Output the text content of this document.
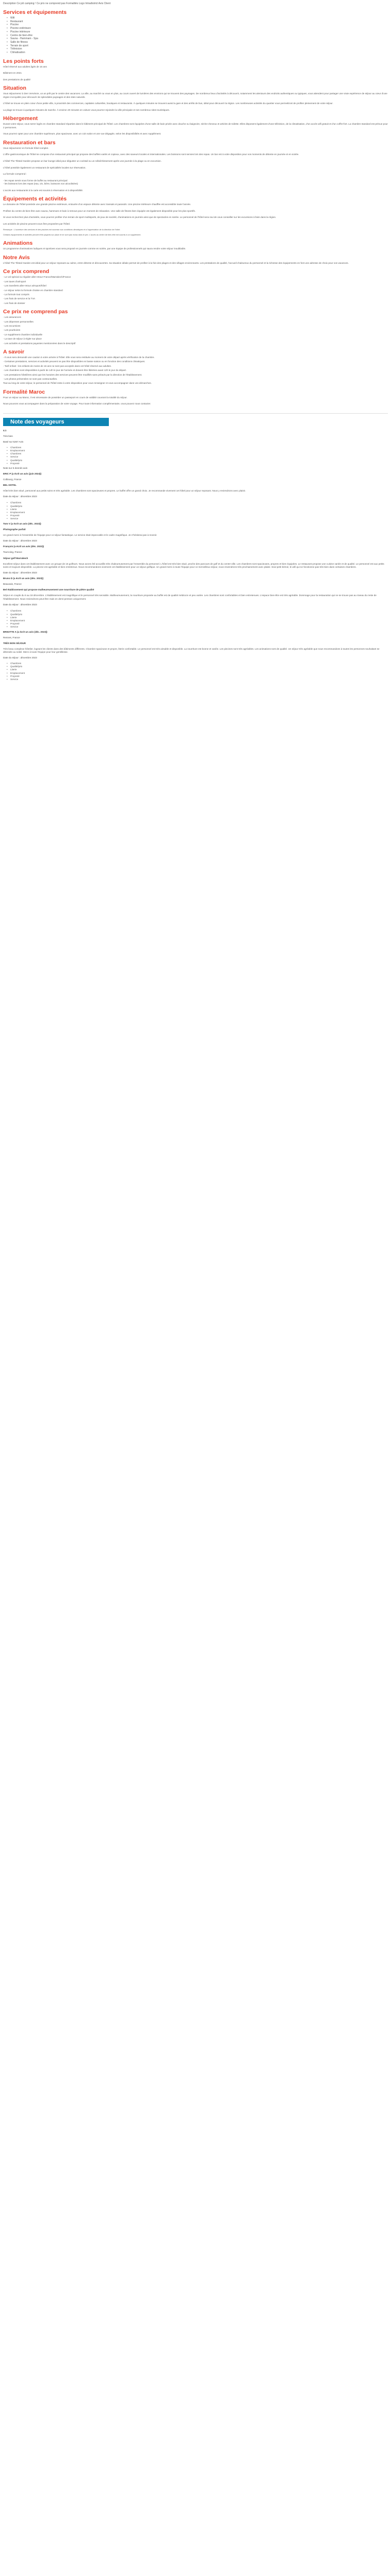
Description Ce joli camping ! Ce prix ne comprend pas Formalités Logo Intradistrict Avis Client

Services et équipements
• Wifi
• Restaurant
• Piscine
• Piscine extérieure
• Piscine intérieure
• Centre de bien-être
• Sauna - Hammam - Spa
• Salle de fitness
• Terrain de sport
• Télévision
• Climatisation
Les points forts

Hôtel réservé aux adultes âgés de 16 ans

Bâtiment en 2021

Des prestations de qualité

Situation

Vous séjournerez à Den Vervrieze, un an prêt par le centre des vacances. La ville, au marché ou vous en plus, au cours ouvert de lumières des environs qui se trouvent des paysages. De nombreux lieux d'activités à découvrir, notamment les alentours des endroits authentiques ou typiques, vous attendent pour partager une vraie expérience de séjour au cœur d'une région incroyable pour découvrir de splendides paysages et des sites naturels.

L'hôtel se trouve en plein cœur d'une petite ville, à proximité des commerces, capitales culturelles, boutiques et restaurants. À quelques minutes se trouvent aussi la gare et des arrêts de bus, idéal pour découvrir la région. Les nombreuses activités du quartier vous permettront de profiter pleinement de votre séjour.

La plage se trouve à quelques minutes de marche. À environ 20 minutes en voiture vous pourrez rejoindre la ville principale et ses nombreux sites touristiques.

Hébergement

Durant votre séjour, vous serez logés en chambre standard réparties dans le bâtiment principal de l'hôtel. Les chambres sont équipées d'une salle de bain privée avec douche ou baignoire, sèche-cheveux et articles de toilette. Elles disposent également d'une télévision, de la climatisation, d'un accès wifi gratuit et d'un coffre-fort. La chambre standard est prévue pour 2 personnes.

Vous pourrez opter pour une chambre supérieure, plus spacieuse, avec un coin salon et une vue dégagée, selon les disponibilités et avec supplément.

Restauration et bars

Vous séjournerez en formule hôtel complet.

L'offre gastronomique de l'hôtel se compose d'un restaurant principal qui propose des buffets variés et copieux, avec des saveurs locales et internationales. Les boissons sont servies lors des repas. Un bar est à votre disposition pour vos moments de détente en journée et en soirée.

L'hôtel The Tilsted Garden propose un bar lounge idéal pour déguster un cocktail ou un rafraîchissement après une journée à la plage ou en excursion.

L'hôtel possède également un restaurant de spécialités locales sur réservation.

La formule comprend :

- les repas servis sous forme de buffet au restaurant principal
- les boissons lors des repas (eau, vin, bière, boissons non alcoolisées)

L'accès aux restaurants à la carte est soumis à réservation et à disponibilité.

Équipements et activités

Le domaine de l'hôtel possède une grande piscine extérieure, entourée d'un espace détente avec transats et parasols. Une piscine intérieure chauffée est accessible toute l'année.

Profitez du centre de bien-être avec sauna, hammam et bain à remous pour un moment de relaxation. Une salle de fitness bien équipée est également disponible pour les plus sportifs.

Si vous recherchez plus d'activités, vous pourrez profiter d'un terrain de sport multisports, de jeux de société, d'animations en journée ainsi que de spectacles en soirée. Le personnel de l'hôtel sera ravi de vous conseiller sur les excursions à faire dans la région.

Les activités de piscine peuvent vous être proposées par l'hôtel.

Remarque : L'ouverture des services et des piscines est soumise aux conditions climatiques et à l'appréciation de la direction de l'hôtel.

Certains équipements et activités peuvent être payants sur place et ne sont pas inclus dans le prix. L'accès au centre de bien-être est soumis à un supplément.

Animations

Un programme d'animations ludiques et sportives vous sera proposé en journée comme en soirée, par une équipe de professionnels qui saura rendre votre séjour inoubliable.

Notre Avis

L'hôtel The Tilsted Garden est idéal pour un séjour reposant au calme, entre détente et découvertes. Sa situation idéale permet de profiter à la fois des plages et des villages environnants. Les prestations de qualité, l'accueil chaleureux du personnel et la richesse des équipements en font une adresse de choix pour vos vacances.

Ce prix comprend

- Le vol spécial ou régulier aller-retour France/Marrakech/France

- Les taxes d'aéroport

- Les transferts aller-retour aéroport/hôtel

- Le séjour selon la formule choisie en chambre standard

- La formule tout compris

- Les frais de service et la TVA

- Les frais de dossier

Ce prix ne comprend pas

- Les assurances

- Les dépenses personnelles

- Les excursions

- Les pourboires

- Le supplément chambre individuelle

- La taxe de séjour à régler sur place

- Les activités et prestations payantes mentionnées dans le descriptif

A savoir

- Il vous sera demandé une caution à votre arrivée à l'hôtel. Elle vous sera restituée au moment de votre départ après vérification de la chambre.

- Certaines prestations, services et activités peuvent ne pas être disponibles en basse saison ou en fonction des conditions climatiques.

- Tarif enfant : les enfants de moins de 16 ans ne sont pas acceptés dans cet hôtel réservé aux adultes.

- Les chambres sont disponibles à partir de 14h le jour de l'arrivée et doivent être libérées avant 12h le jour du départ.

- Les prestations hôtelières ainsi que les horaires des services peuvent être modifiés sans préavis par la direction de l'établissement.

- Les photos présentées ne sont pas contractuelles.

Tout au long de votre séjour, le personnel de l'hôtel reste à votre disposition pour vous renseigner et vous accompagner dans vos démarches.

Formalité Maroc

Pour un séjour au Maroc, il est nécessaire de posséder un passeport en cours de validité couvrant la totalité du séjour.

Nous pouvons vous accompagner dans la préparation de votre voyage. Pour toute information complémentaire, vous pouvez nous contacter.

Note des voyageurs

4.1

Très bien

Basé sur 5267 Avis

• Chambres
• Emplacement
• Chambres
• Service
• Qualité/prix
• Propreté

Note sur 6 donnés avis

ERIC P (a écrit un avis (juin 2024))

Colbourg, France

BEL HOTEL

Hôtel très bien situé, personnel aux petits soins et très agréable. Les chambres sont spacieuses et propres. Le buffet offre un grand choix. Je recommande vivement cet hôtel pour un séjour reposant. Nous y reviendrons avec plaisir.

Date du séjour : décembre 2023

• Chambres
• Qualité/prix
• Literie
• Emplacement
• Propreté
• Service

Tom V (a écrit un avis (déc. 2023))

Photographe parfait

Un grand merci à l'ensemble de l'équipe pour ce séjour fantastique. Le service était impeccable et le cadre magnifique. Je n'hésiterai pas à revenir.

Date du séjour : décembre 2023

François (a écrit un avis (déc. 2023))

Tourcoing, France

Séjour golf Marrakech

Excellent séjour dans cet établissement avec un groupe de 15 golfeurs. Nous avons été accueillis très chaleureusement par l'ensemble du personnel. L'hôtel est très bien situé, proche des parcours de golf et du centre-ville. Les chambres sont spacieuses, propres et bien équipées. Le restaurant propose une cuisine variée et de qualité. Le personnel est aux petits soins et toujours disponible. La piscine est agréable et bien entretenue. Nous recommandons vivement cet établissement pour un séjour golfique. Un grand merci à toute l'équipe pour ce merveilleux séjour, nous reviendrons très prochainement avec plaisir. Seul petit bémol, le wifi qui ne fonctionne pas très bien dans certaines chambres.

Date du séjour : décembre 2023

Bruno D (a écrit un avis (déc. 2023))

Beauvais, France

Bel établissement qui propose malheureusement une nourriture de piètre qualité

Séjour en couple du 6 au 18 décembre. L'établissement est magnifique et le personnel très serviable. Malheureusement, la nourriture proposée au buffet est de qualité médiocre et peu variée. Les chambres sont confortables et bien entretenues. L'espace bien-être est très agréable. Dommage pour la restauration qui ne se trouve pas au niveau du reste de l'établissement. Nous reviendrons peut-être mais en demi-pension uniquement.

Date du séjour : décembre 2023

• Chambres
• Qualité/prix
• Literie
• Emplacement
• Propreté
• Service

BRIGITTE A (a écrit un avis (déc. 2023))

Rennes, France

TRÈS BON SÉJOUR

Très beau complexe hôtelier, logeant les clients dans des bâtiments différents. Chambre spacieuse et propre, literie confortable. Le personnel est très aimable et disponible. La nourriture est bonne et variée. Les piscines sont très agréables. Les animations sont de qualité. Un séjour très agréable que nous recommandons à toutes les personnes souhaitant se détendre au soleil. Merci à toute l'équipe pour leur gentillesse.

Date du séjour : décembre 2023

• Chambres
• Qualité/prix
• Literie
• Emplacement
• Propreté
• Service
